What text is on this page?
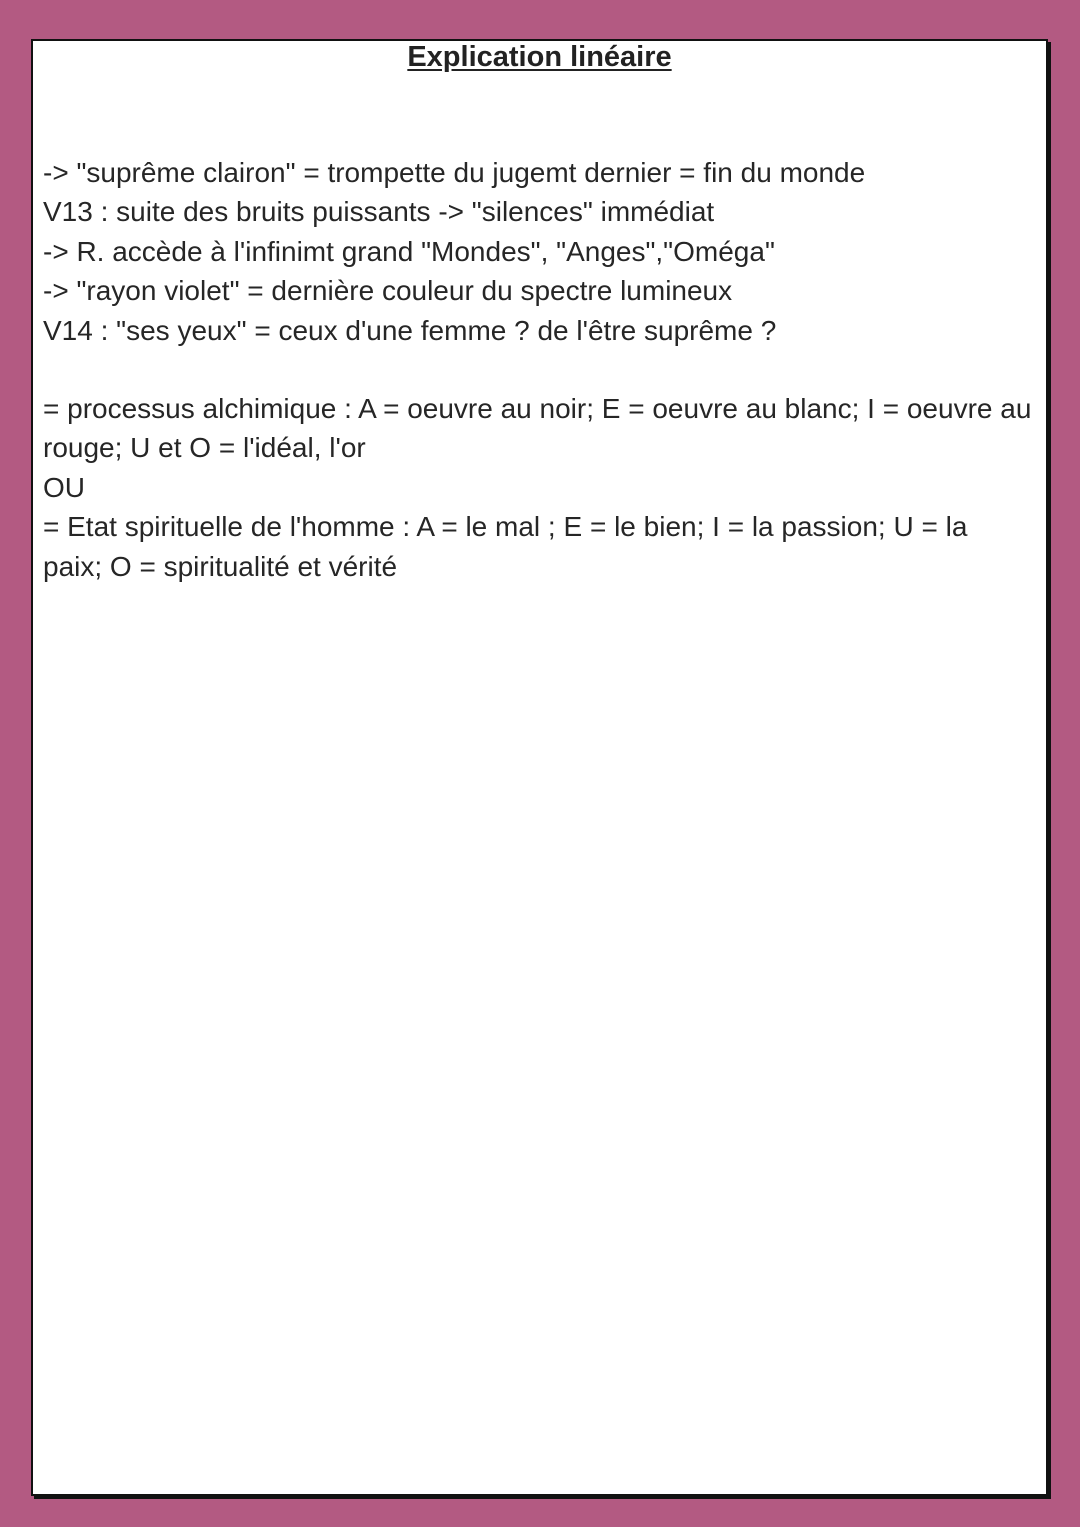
Explication linéaire
-> "suprême clairon" = trompette du jugemt dernier = fin du monde
V13 : suite des bruits puissants -> "silences" immédiat
-> R. accède à l'infinimt grand "Mondes", "Anges","Oméga"
-> "rayon violet" = dernière couleur du spectre lumineux
V14 : "ses yeux" = ceux d'une femme ? de l'être suprême ?
= processus alchimique : A = oeuvre au noir; E = oeuvre au blanc; I = oeuvre au rouge; U et O = l'idéal, l'or
OU
= Etat spirituelle de l'homme : A = le mal ; E = le bien; I = la passion; U = la paix; O = spiritualité et vérité
